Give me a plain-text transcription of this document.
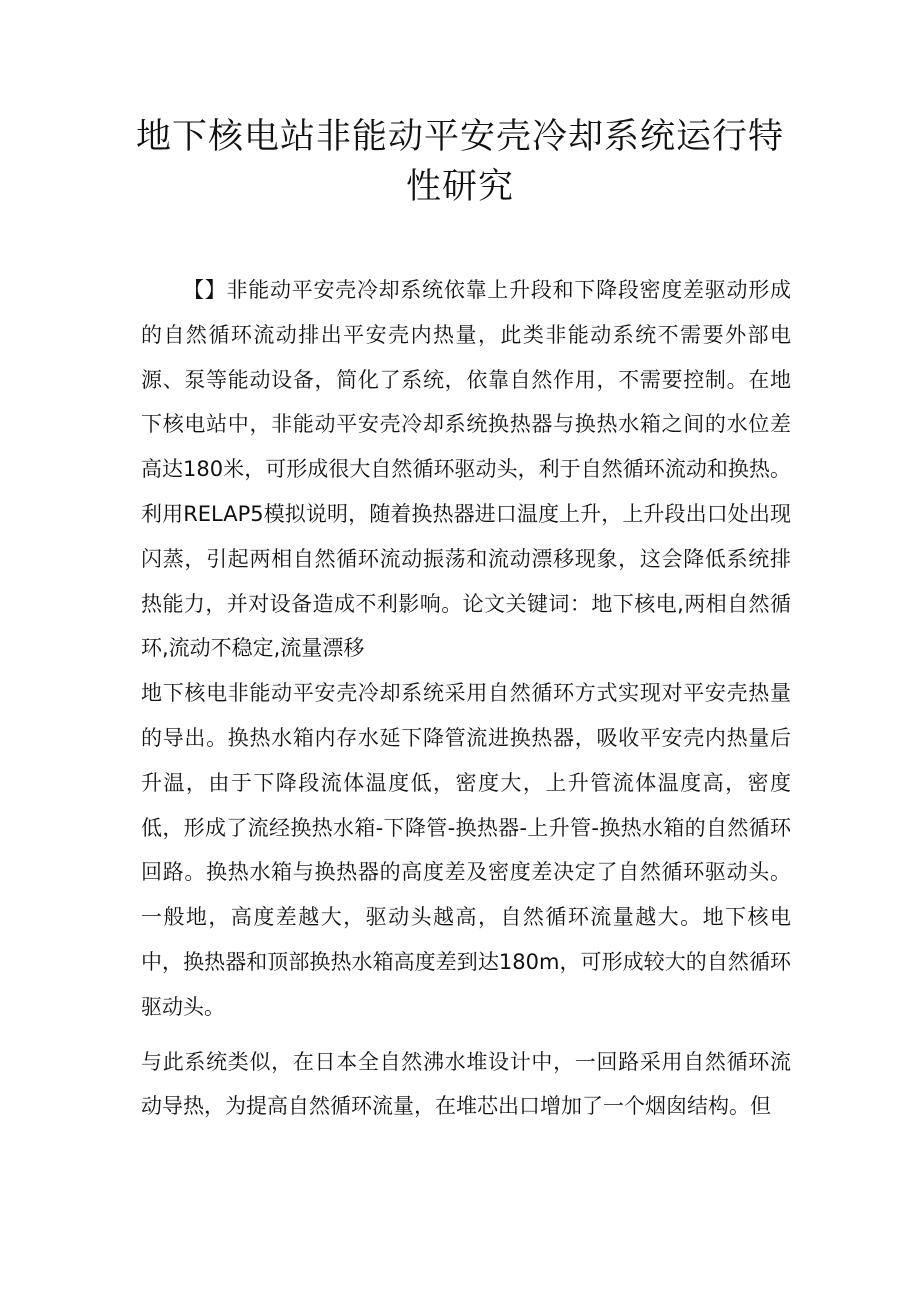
地下核电站非能动平安壳冷却系统运行特性研究

【】非能动平安壳冷却系统依靠上升段和下降段密度差驱动形成的自然循环流动排出平安壳内热量，此类非能动系统不需要外部电源、泵等能动设备，简化了系统，依靠自然作用，不需要控制。在地下核电站中，非能动平安壳冷却系统换热器与换热水箱之间的水位差高达180米，可形成很大自然循环驱动头，利于自然循环流动和换热。利用RELAP5模拟说明，随着换热器进口温度上升，上升段出口处出现闪蒸，引起两相自然循环流动振荡和流动漂移现象，这会降低系统排热能力，并对设备造成不利影响。论文关键词：地下核电,两相自然循环,流动不稳定,流量漂移

地下核电非能动平安壳冷却系统采用自然循环方式实现对平安壳热量的导出。换热水箱内存水延下降管流进换热器，吸收平安壳内热量后升温，由于下降段流体温度低，密度大，上升管流体温度高，密度低，形成了流经换热水箱-下降管-换热器-上升管-换热水箱的自然循环回路。换热水箱与换热器的高度差及密度差决定了自然循环驱动头。一般地，高度差越大，驱动头越高，自然循环流量越大。地下核电中，换热器和顶部换热水箱高度差到达180m，可形成较大的自然循环驱动头。

与此系统类似，在日本全自然沸水堆设计中，一回路采用自然循环流动导热，为提高自然循环流量，在堆芯出口增加了一个烟囱结构。但
